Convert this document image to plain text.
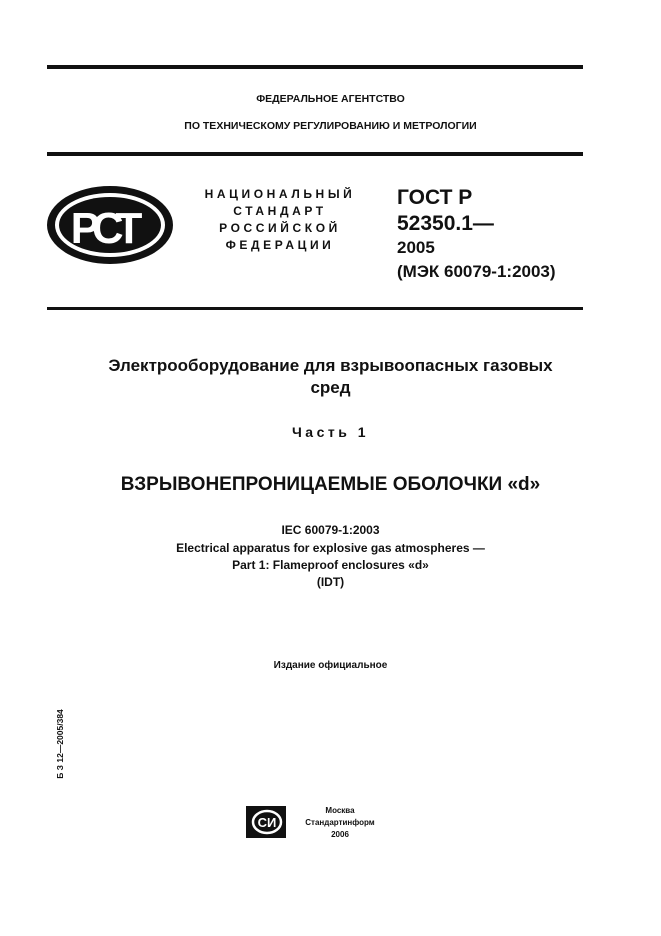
ФЕДЕРАЛЬНОЕ АГЕНТСТВО
ПО ТЕХНИЧЕСКОМУ РЕГУЛИРОВАНИЮ И МЕТРОЛОГИИ
РСТ
НАЦИОНАЛЬНЫЙ
СТАНДАРТ
РОССИЙСКОЙ
ФЕДЕРАЦИИ
ГОСТ Р
52350.1—
2005
(МЭК 60079-1:2003)
Электрооборудование для взрывоопасных газовых
сред
Часть 1
ВЗРЫВОНЕПРОНИЦАЕМЫЕ ОБОЛОЧКИ «d»
IEC 60079-1:2003
Electrical apparatus for explosive gas atmospheres —
Part 1: Flameproof enclosures «d»
(IDT)
Издание официальное
Б З 12—2005/384
СИ
Москва
Стандартинформ
2006
